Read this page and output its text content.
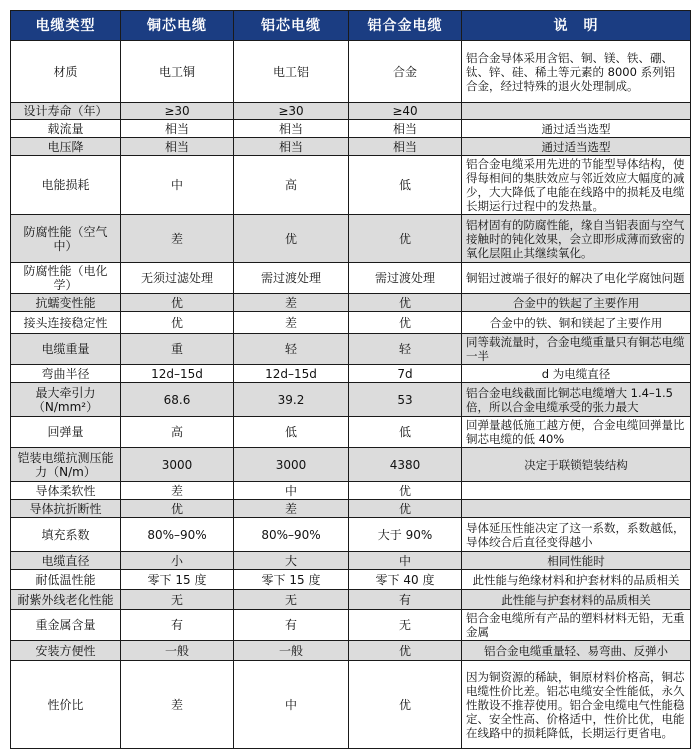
电缆类型	铜芯电缆	铝芯电缆	铝合金电缆	说　明
材质	电工铜	电工铝	合金	铝合金导体采用含铝、铜、镁、铁、硼、钛、锌、硅、稀土等元素的 8000 系列铝合金，经过特殊的退火处理制成。
设计寿命（年）	≥30	≥30	≥40	
载流量	相当	相当	相当	通过适当选型
电压降	相当	相当	相当	通过适当选型
电能损耗	中	高	低	铝合金电缆采用先进的节能型导体结构，使得每相间的集肤效应与邻近效应大幅度的减少，大大降低了电能在线路中的损耗及电缆长期运行过程中的发热量。
防腐性能（空气中）	差	优	优	铝材固有的防腐性能，缘自当铝表面与空气接触时的钝化效果，会立即形成薄而致密的氧化层阻止其继续氧化。
防腐性能（电化学）	无须过滤处理	需过渡处理	需过渡处理	铜铝过渡端子很好的解决了电化学腐蚀问题
抗蠕变性能	优	差	优	合金中的铁起了主要作用
接头连接稳定性	优	差	优	合金中的铁、铜和镁起了主要作用
电缆重量	重	轻	轻	同等载流量时，合金电缆重量只有铜芯电缆一半
弯曲半径	12d–15d	12d–15d	7d	d 为电缆直径
最大牵引力（N/mm²）	68.6	39.2	53	铝合金电线截面比铜芯电缆增大 1.4–1.5 倍，所以合金电缆承受的张力最大
回弹量	高	低	低	回弹量越低施工越方便，合金电缆回弹量比铜芯电缆的低 40%
铠装电缆抗测压能力（N/m）	3000	3000	4380	决定于联锁铠装结构
导体柔软性	差	中	优	
导体抗折断性	优	差	优	
填充系数	80%–90%	80%–90%	大于 90%	导体延压性能决定了这一系数，系数越低，导体绞合后直径变得越小
电缆直径	小	大	中	相同性能时
耐低温性能	零下 15 度	零下 15 度	零下 40 度	此性能与绝缘材料和护套材料的品质相关
耐紫外线老化性能	无	无	有	此性能与护套材料的品质相关
重金属含量	有	有	无	铝合金电缆所有产品的塑料材料无铅，无重金属
安装方便性	一般	一般	优	铝合金电缆重量轻、易弯曲、反弹小
性价比	差	中	优	因为铜资源的稀缺，铜原材料价格高，铜芯电缆性价比差。铝芯电缆安全性能低，永久性散设不推荐使用。铝合金电缆电气性能稳定、安全性高、价格适中，性价比优，电能在线路中的损耗降低，长期运行更省电。
